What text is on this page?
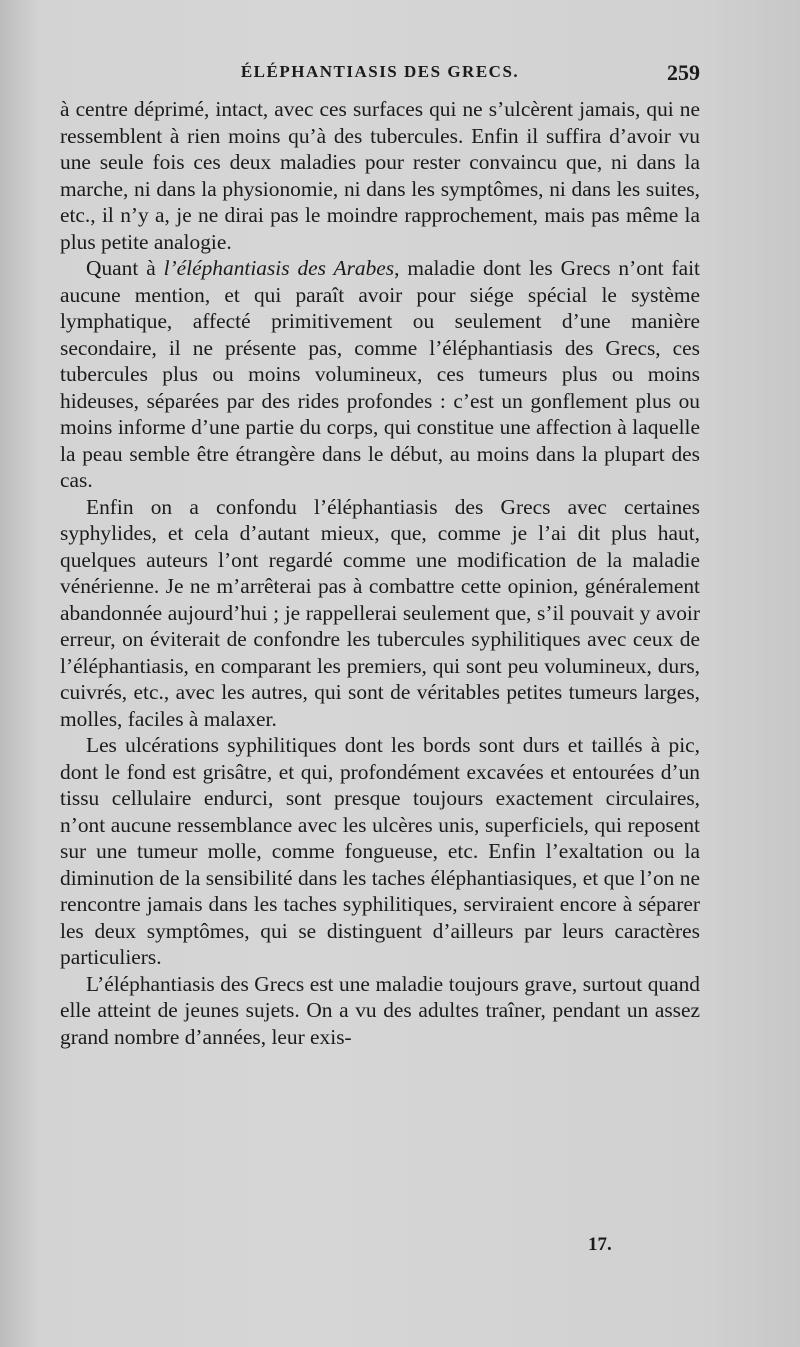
ÉLÉPHANTIASIS DES GRECS.	259

à centre déprimé, intact, avec ces surfaces qui ne s’ulcèrent jamais, qui ne ressemblent à rien moins qu’à des tubercules. Enfin il suffira d’avoir vu une seule fois ces deux maladies pour rester convaincu que, ni dans la marche, ni dans la physionomie, ni dans les symptômes, ni dans les suites, etc., il n’y a, je ne dirai pas le moindre rapprochement, mais pas même la plus petite analogie.

Quant à l’éléphantiasis des Arabes, maladie dont les Grecs n’ont fait aucune mention, et qui paraît avoir pour siége spécial le système lymphatique, affecté primitivement ou seulement d’une manière secondaire, il ne présente pas, comme l’éléphantiasis des Grecs, ces tubercules plus ou moins volumineux, ces tumeurs plus ou moins hideuses, séparées par des rides profondes : c’est un gonflement plus ou moins informe d’une partie du corps, qui constitue une affection à laquelle la peau semble être étrangère dans le début, au moins dans la plupart des cas.

Enfin on a confondu l’éléphantiasis des Grecs avec certaines syphylides, et cela d’autant mieux, que, comme je l’ai dit plus haut, quelques auteurs l’ont regardé comme une modification de la maladie vénérienne. Je ne m’arrêterai pas à combattre cette opinion, généralement abandonnée aujourd’hui ; je rappellerai seulement que, s’il pouvait y avoir erreur, on éviterait de confondre les tubercules syphilitiques avec ceux de l’éléphantiasis, en comparant les premiers, qui sont peu volumineux, durs, cuivrés, etc., avec les autres, qui sont de véritables petites tumeurs larges, molles, faciles à malaxer.

Les ulcérations syphilitiques dont les bords sont durs et taillés à pic, dont le fond est grisâtre, et qui, profondément excavées et entourées d’un tissu cellulaire endurci, sont presque toujours exactement circulaires, n’ont aucune ressemblance avec les ulcères unis, superficiels, qui reposent sur une tumeur molle, comme fongueuse, etc. Enfin l’exaltation ou la diminution de la sensibilité dans les taches éléphantiasiques, et que l’on ne rencontre jamais dans les taches syphilitiques, serviraient encore à séparer les deux symptômes, qui se distinguent d’ailleurs par leurs caractères particuliers.

L’éléphantiasis des Grecs est une maladie toujours grave, surtout quand elle atteint de jeunes sujets. On a vu des adultes traîner, pendant un assez grand nombre d’années, leur exis-

17.
